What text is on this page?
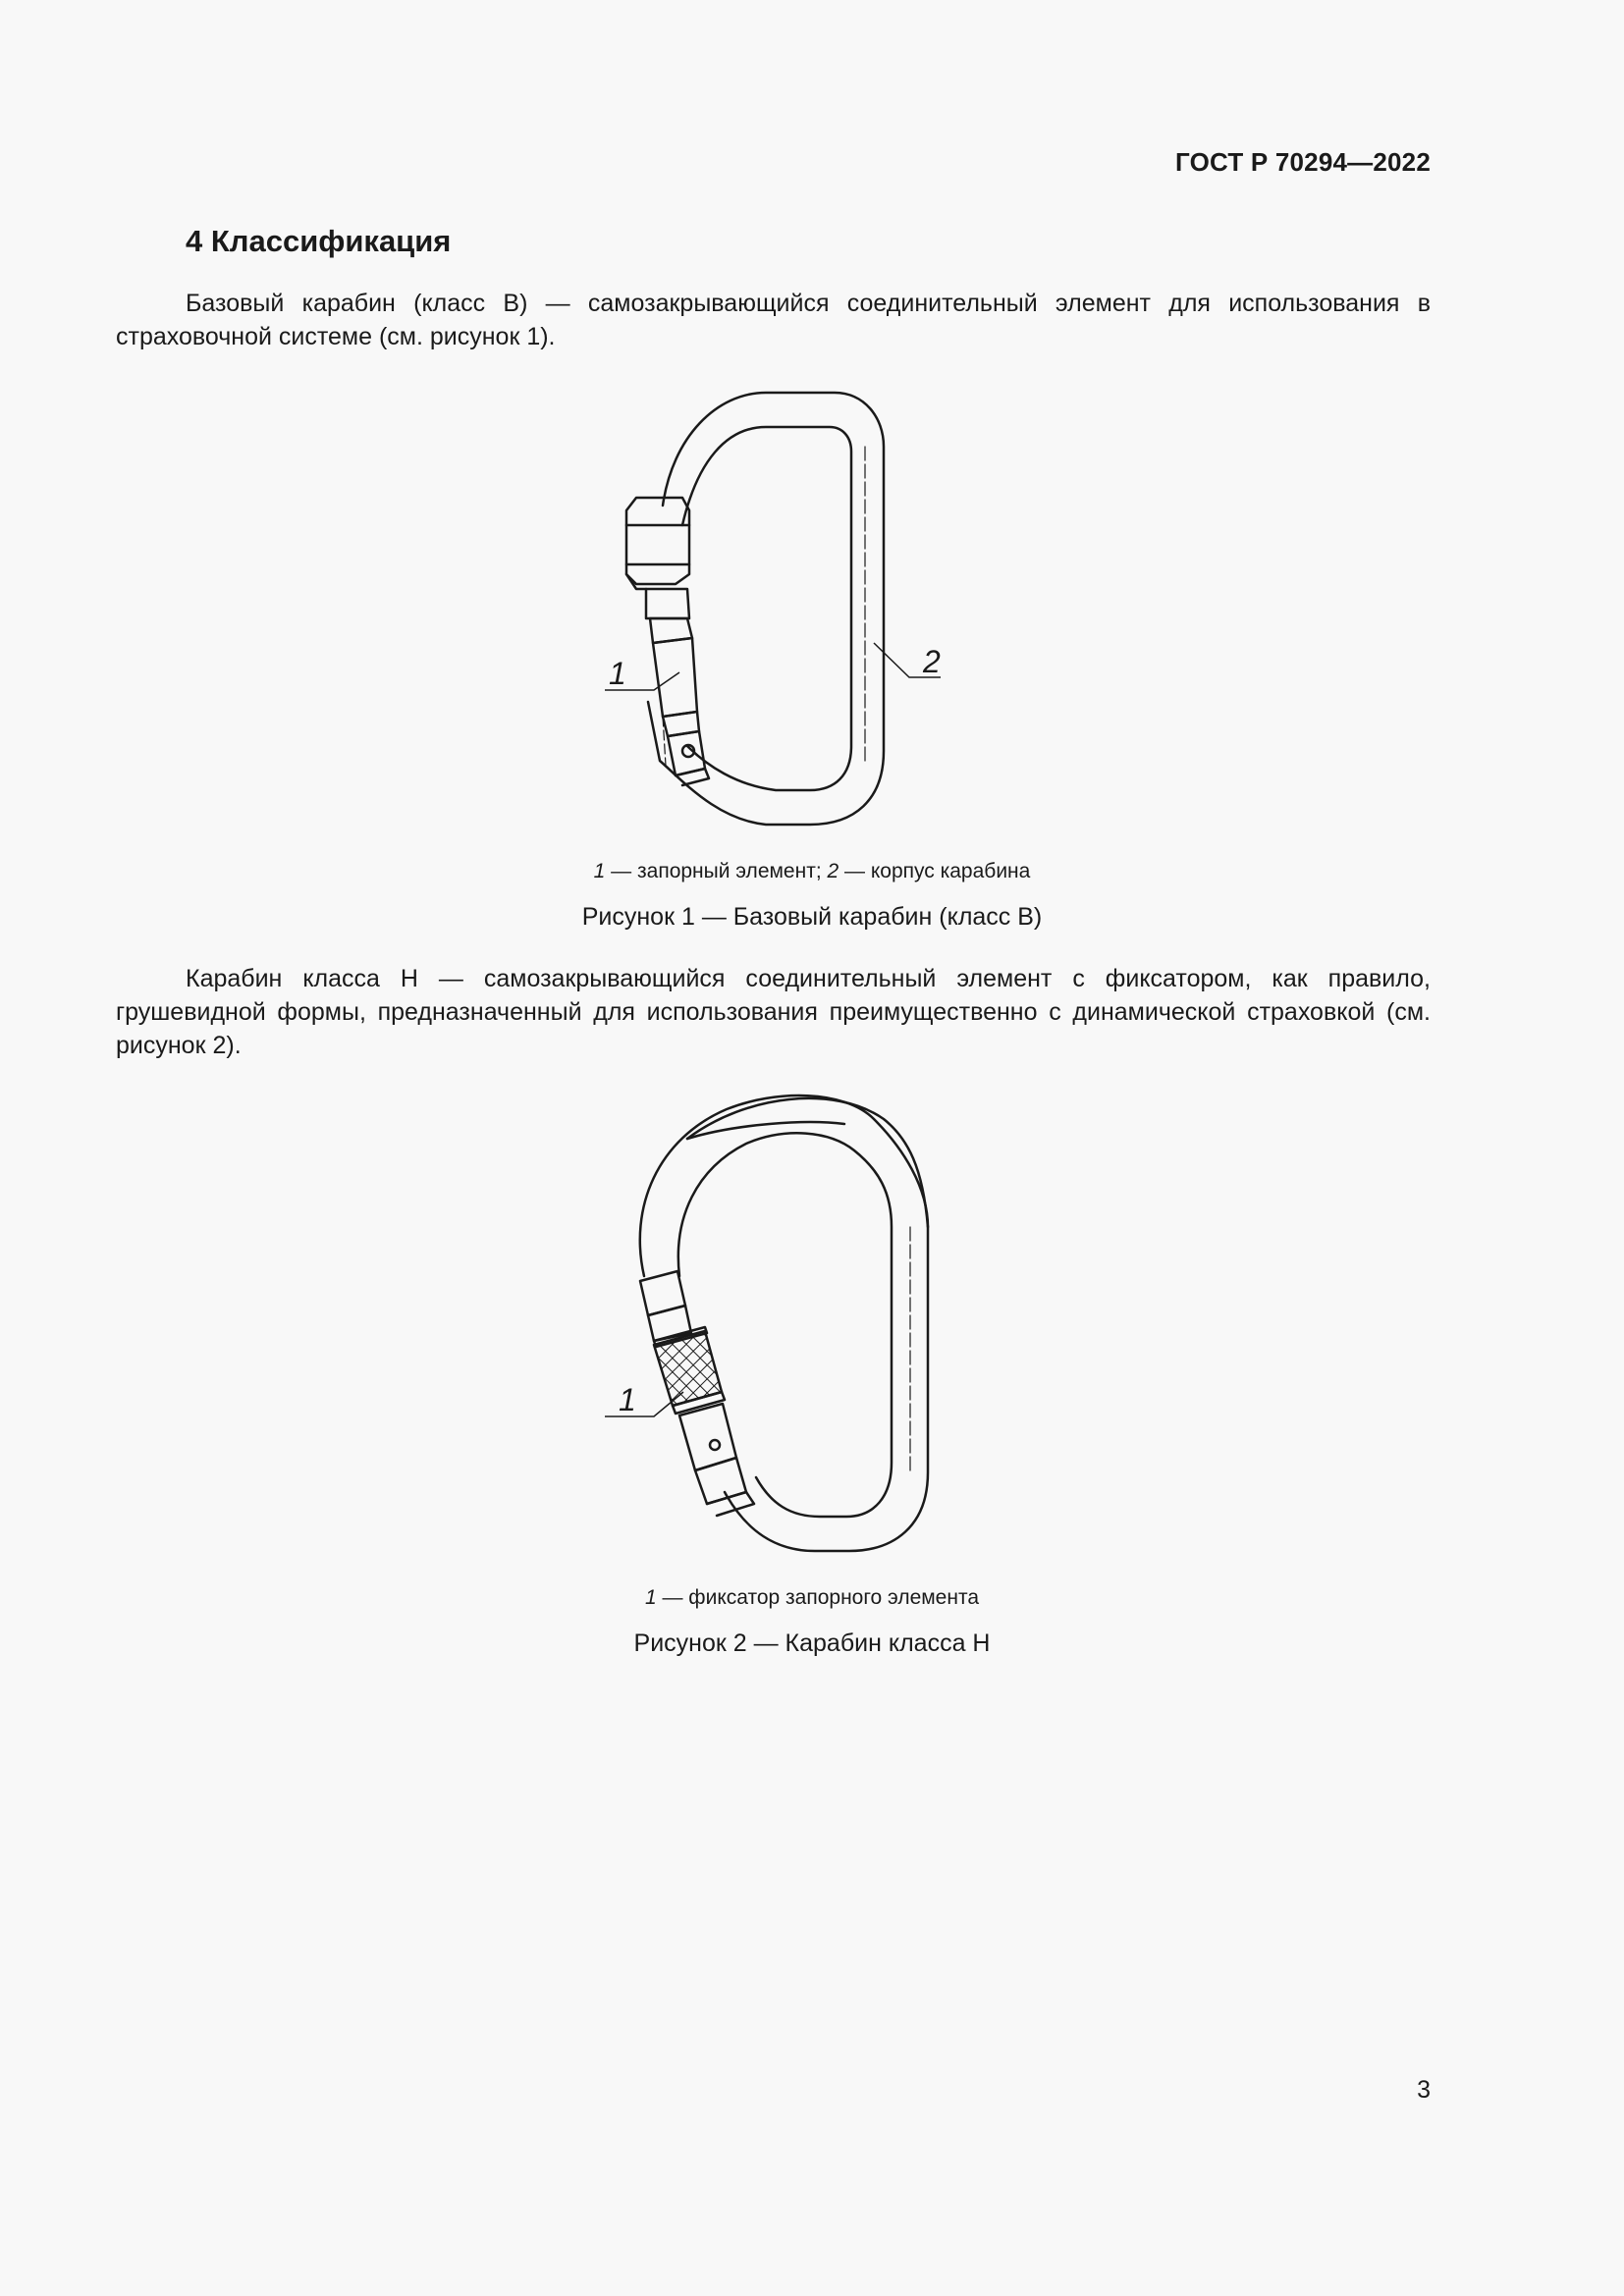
ГОСТ Р 70294—2022
4 Классификация

Базовый карабин (класс В) — самозакрывающийся соединительный элемент для использования в страховочной системе (см. рисунок 1).

1	2
1 — запорный элемент; 2 — корпус карабина
Рисунок 1 — Базовый карабин (класс В)

Карабин класса Н — самозакрывающийся соединительный элемент с фиксатором, как правило, грушевидной формы, предназначенный для использования преимущественно с динамической страховкой (см. рисунок 2).

1
1 — фиксатор запорного элемента
Рисунок 2 — Карабин класса Н
3
